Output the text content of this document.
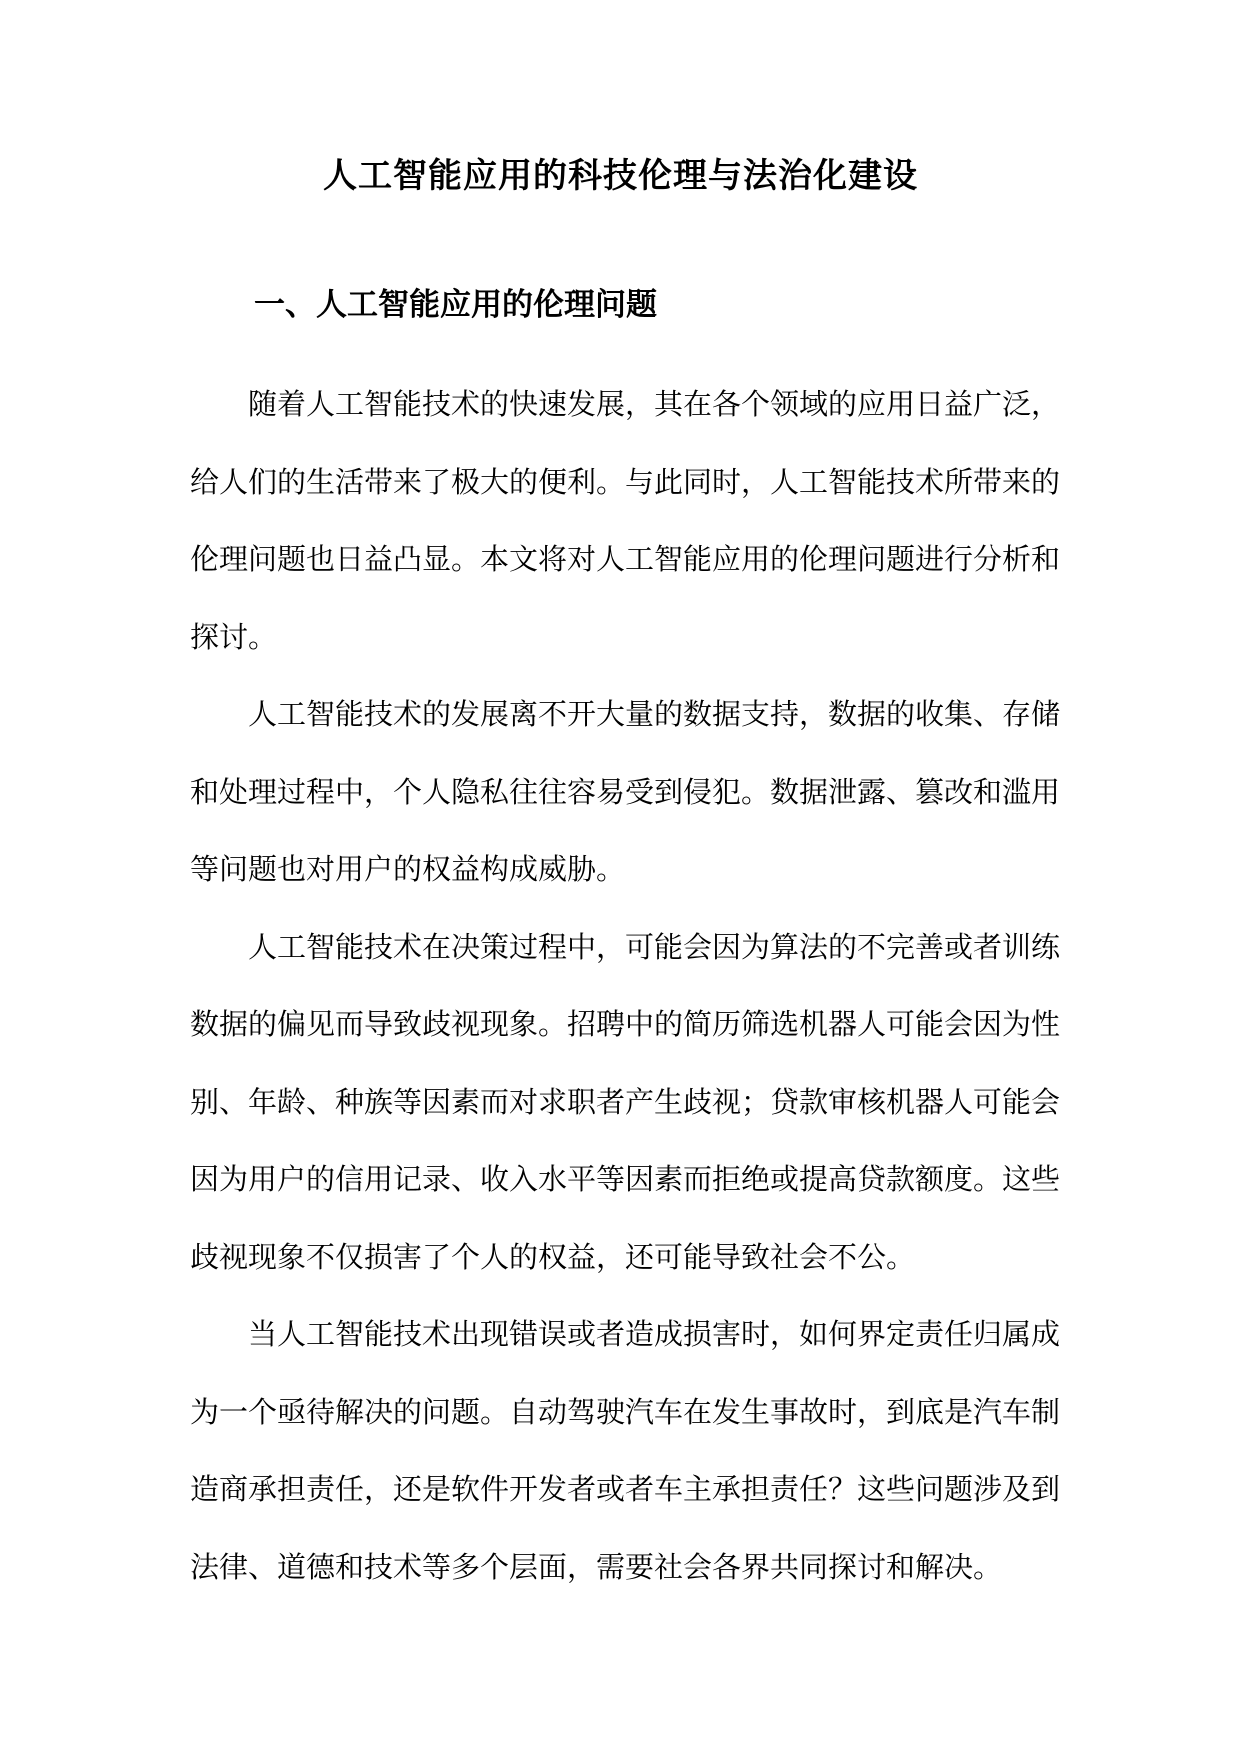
人工智能应用的科技伦理与法治化建设
一、人工智能应用的伦理问题

随着人工智能技术的快速发展，其在各个领域的应用日益广泛，给人们的生活带来了极大的便利。与此同时，人工智能技术所带来的伦理问题也日益凸显。本文将对人工智能应用的伦理问题进行分析和探讨。

人工智能技术的发展离不开大量的数据支持，数据的收集、存储和处理过程中，个人隐私往往容易受到侵犯。数据泄露、篡改和滥用等问题也对用户的权益构成威胁。

人工智能技术在决策过程中，可能会因为算法的不完善或者训练数据的偏见而导致歧视现象。招聘中的简历筛选机器人可能会因为性别、年龄、种族等因素而对求职者产生歧视；贷款审核机器人可能会因为用户的信用记录、收入水平等因素而拒绝或提高贷款额度。这些歧视现象不仅损害了个人的权益，还可能导致社会不公。

当人工智能技术出现错误或者造成损害时，如何界定责任归属成为一个亟待解决的问题。自动驾驶汽车在发生事故时，到底是汽车制造商承担责任，还是软件开发者或者车主承担责任？这些问题涉及到法律、道德和技术等多个层面，需要社会各界共同探讨和解决。
